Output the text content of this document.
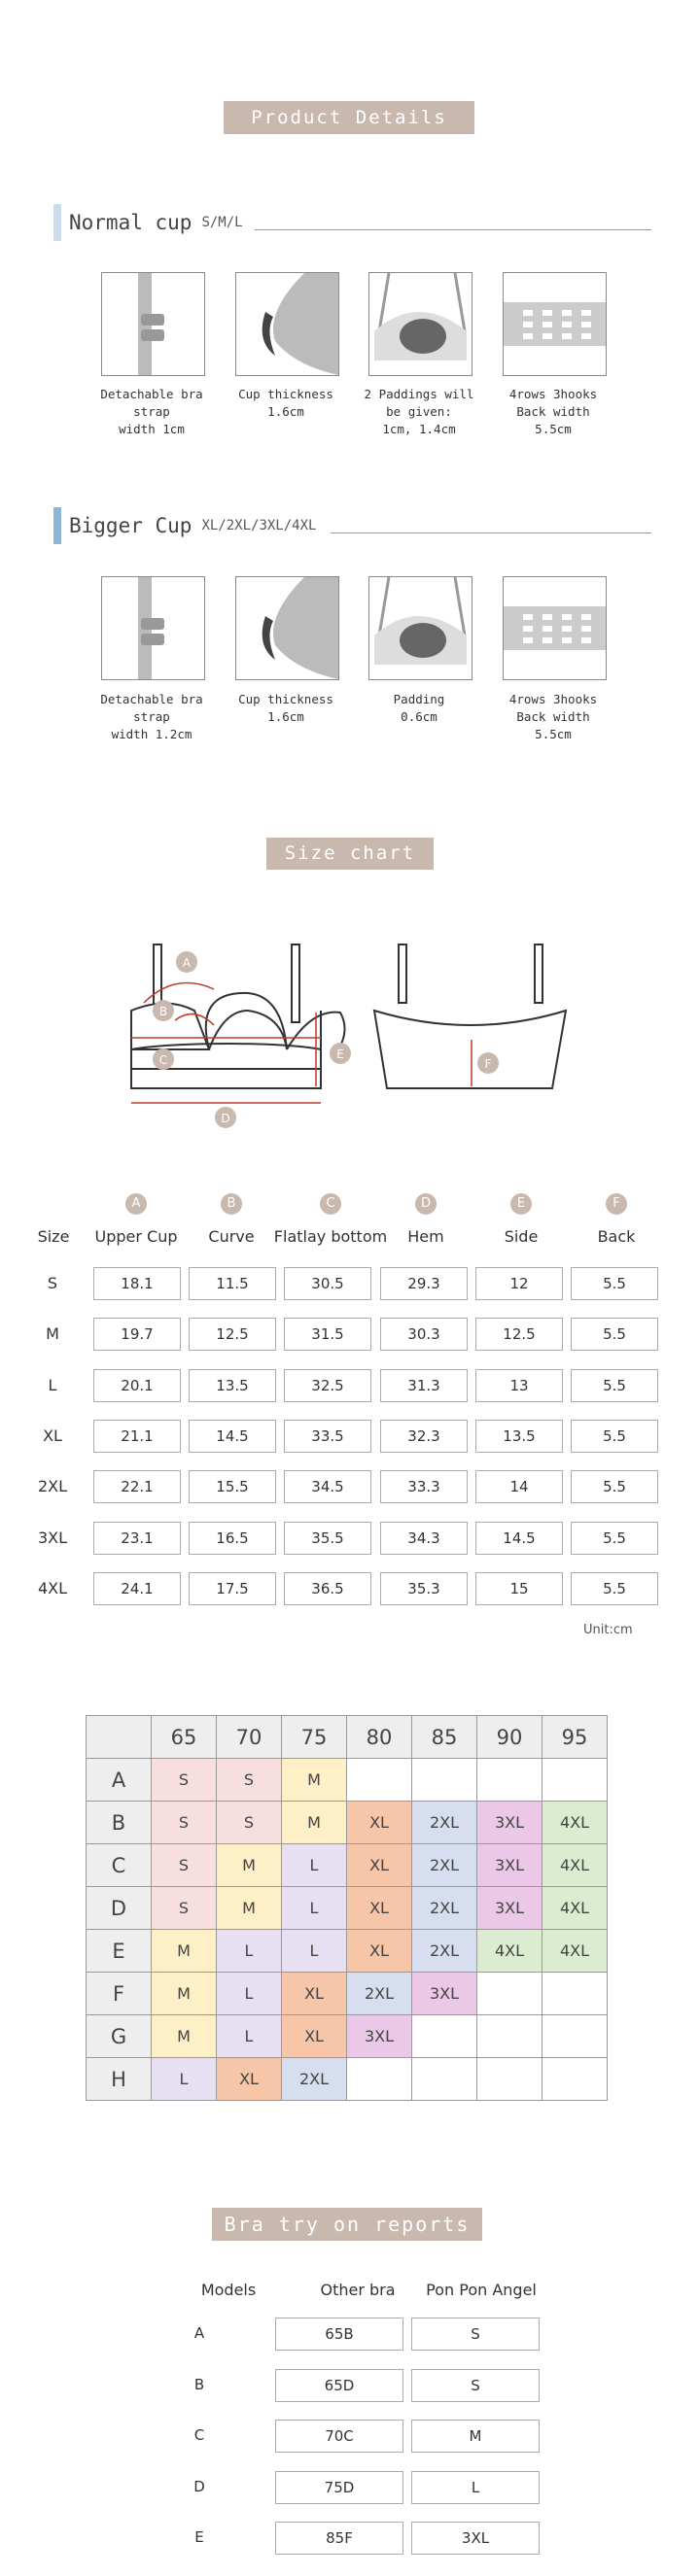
Product Details
Normal cup S/M/L
Detachable bra strap
width 1cm
Cup thickness
1.6cm
2 Paddings will
be given:
1cm, 1.4cm
4rows 3hooks
Back width
5.5cm
Detachable bra strap
width 1.2cm
Cup thickness
1.6cm
Padding
0.6cm
4rows 3hooks
Back width
5.5cm
Bigger Cup XL/2XL/3XL/4XL
Size chart
A
B
C
D
E
F
Size
A
Upper Cup
B
Curve
C
Flatlay bottom
D
Hem
E
Side
F
Back
S	18.1	11.5	30.5	29.3	12	5.5
M	19.7	12.5	31.5	30.3	12.5	5.5
L	20.1	13.5	32.5	31.3	13	5.5
XL	21.1	14.5	33.5	32.3	13.5	5.5
2XL	22.1	15.5	34.5	33.3	14	5.5
3XL	23.1	16.5	35.5	34.3	14.5	5.5
4XL	24.1	17.5	36.5	35.3	15	5.5
Unit:cm
	65	70	75	80	85	90	95
A	S	S	M				
B	S	S	M	XL	2XL	3XL	4XL
C	S	M	L	XL	2XL	3XL	4XL
D	S	M	L	XL	2XL	3XL	4XL
E	M	L	L	XL	2XL	4XL	4XL
F	M	L	XL	2XL	3XL		
G	M	L	XL	3XL			
H	L	XL	2XL				
Bra try on reports
Models	Other bra	Pon Pon Angel
A	65B	S
B	65D	S
C	70C	M
D	75D	L
E	85F	3XL
